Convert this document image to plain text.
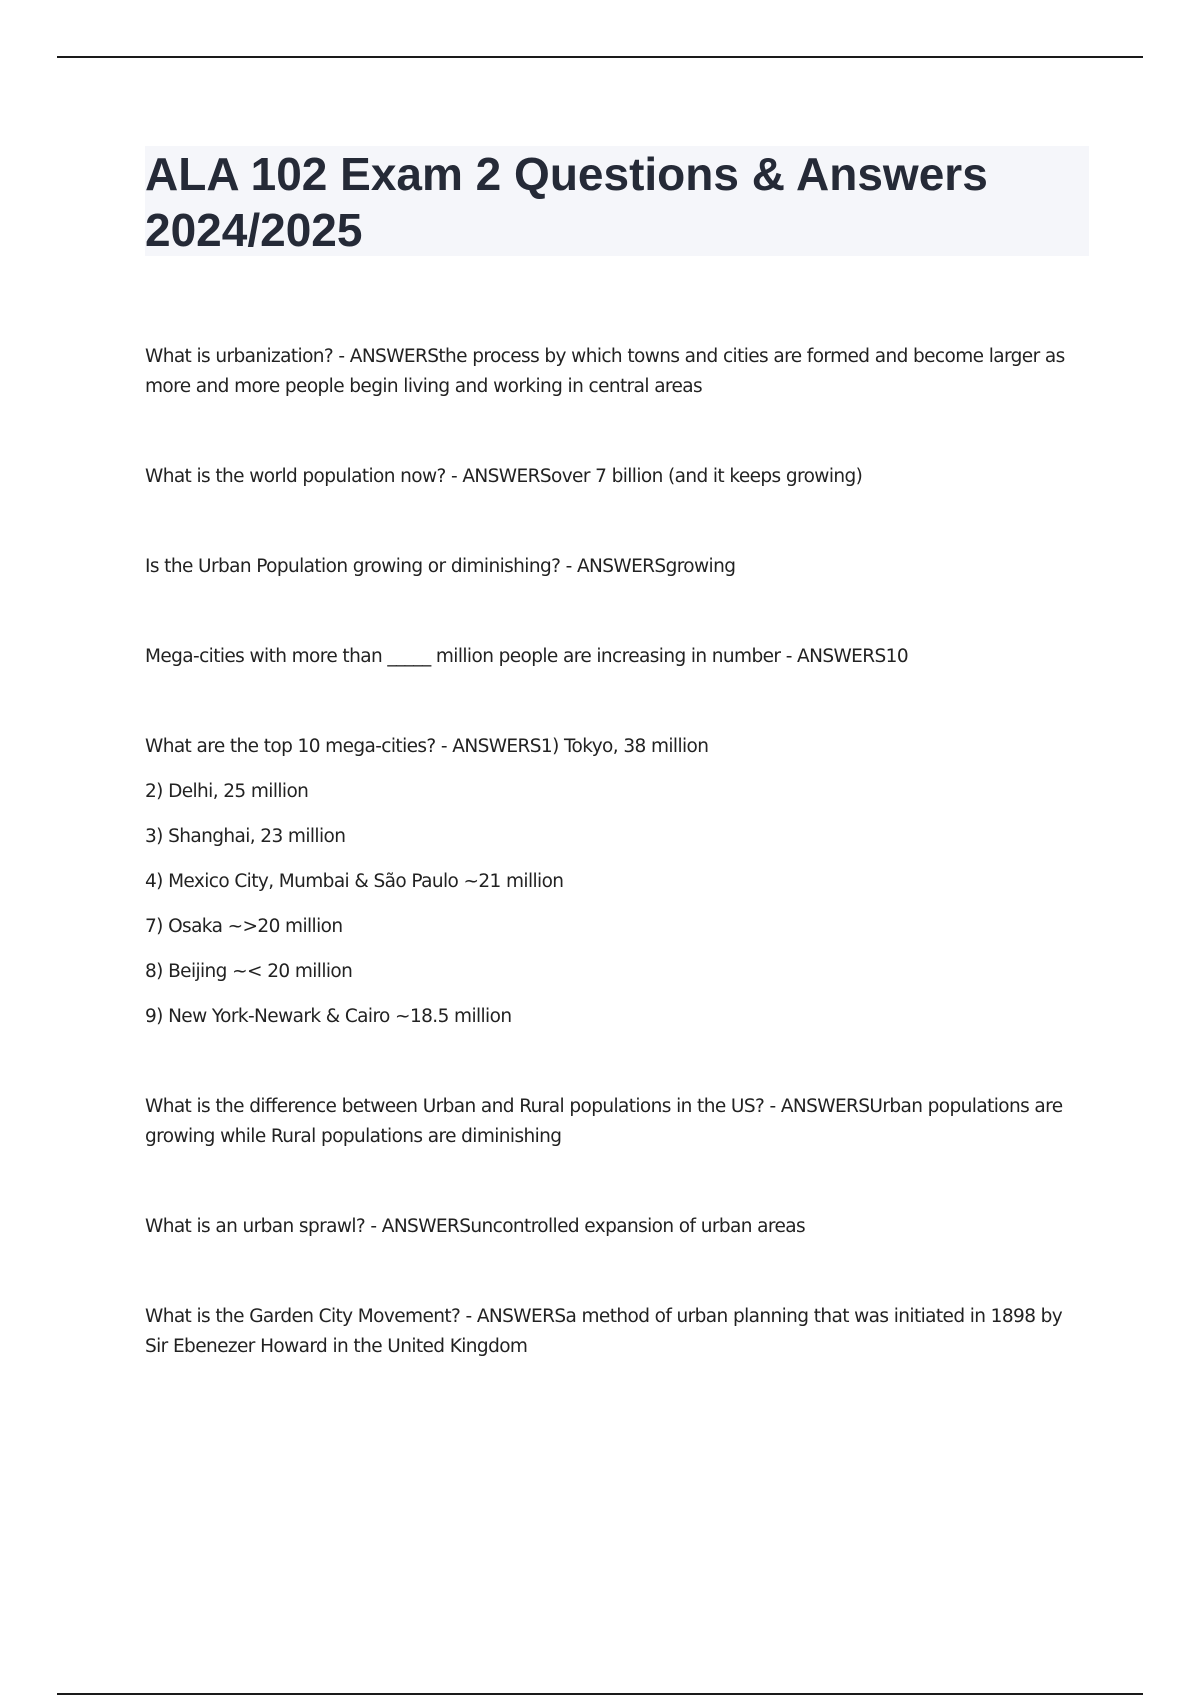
ALA 102 Exam 2 Questions & Answers
2024/2025

What is urbanization? - ANSWERSthe process by which towns and cities are formed and become larger as more and more people begin living and working in central areas

What is the world population now? - ANSWERSover 7 billion (and it keeps growing)

Is the Urban Population growing or diminishing? - ANSWERSgrowing

Mega-cities with more than _____ million people are increasing in number - ANSWERS10

What are the top 10 mega-cities? - ANSWERS1) Tokyo, 38 million

2) Delhi, 25 million

3) Shanghai, 23 million

4) Mexico City, Mumbai & São Paulo ~21 million

7) Osaka ~>20 million

8) Beijing ~< 20 million

9) New York-Newark & Cairo ~18.5 million

What is the difference between Urban and Rural populations in the US? - ANSWERSUrban populations are growing while Rural populations are diminishing

What is an urban sprawl? - ANSWERSuncontrolled expansion of urban areas

What is the Garden City Movement? - ANSWERSa method of urban planning that was initiated in 1898 by Sir Ebenezer Howard in the United Kingdom
